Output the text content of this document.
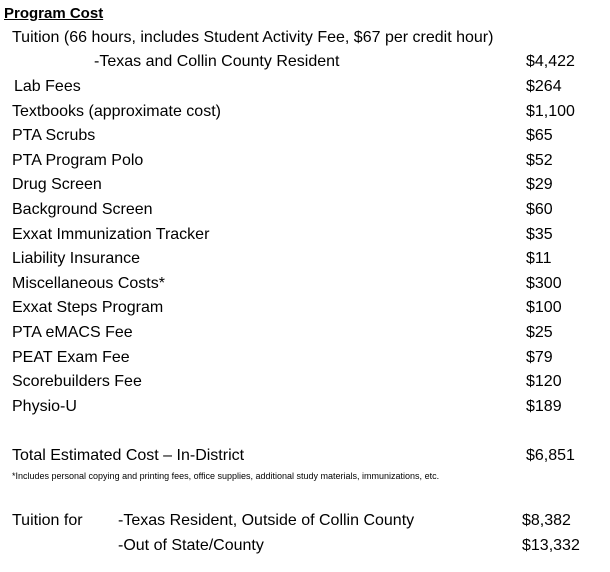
Program Cost
Tuition (66 hours, includes Student Activity Fee, $67 per credit hour)
-Texas and Collin County Resident	$4,422
Lab Fees	$264
Textbooks (approximate cost)	$1,100
PTA Scrubs	$65
PTA Program Polo	$52
Drug Screen	$29
Background Screen	$60
Exxat Immunization Tracker	$35
Liability Insurance	$11
Miscellaneous Costs*	$300
Exxat Steps Program	$100
PTA eMACS Fee	$25
PEAT Exam Fee	$79
Scorebuilders Fee	$120
Physio-U	$189
Total Estimated Cost – In-District	$6,851
*Includes personal copying and printing fees, office supplies, additional study materials, immunizations, etc.
Tuition for -Texas Resident, Outside of Collin County	$8,382
-Out of State/County	$13,332
